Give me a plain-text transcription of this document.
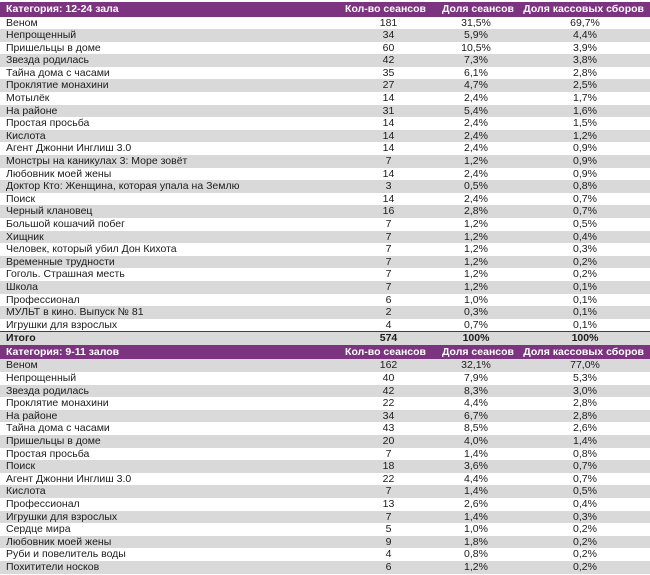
Категория: 12-24 зала	Кол-во сеансов	Доля сеансов	Доля кассовых сборов
Веном	181	31,5%	69,7%
Непрощенный	34	5,9%	4,4%
Пришельцы в доме	60	10,5%	3,9%
Звезда родилась	42	7,3%	3,8%
Тайна дома с часами	35	6,1%	2,8%
Проклятие монахини	27	4,7%	2,5%
Мотылёк	14	2,4%	1,7%
На районе	31	5,4%	1,6%
Простая просьба	14	2,4%	1,5%
Кислота	14	2,4%	1,2%
Агент Джонни Инглиш 3.0	14	2,4%	0,9%
Монстры на каникулах 3: Море зовёт	7	1,2%	0,9%
Любовник моей жены	14	2,4%	0,9%
Доктор Кто: Женщина, которая упала на Землю	3	0,5%	0,8%
Поиск	14	2,4%	0,7%
Черный клановец	16	2,8%	0,7%
Большой кошачий побег	7	1,2%	0,5%
Хищник	7	1,2%	0,4%
Человек, который убил Дон Кихота	7	1,2%	0,3%
Временные трудности	7	1,2%	0,2%
Гоголь. Страшная месть	7	1,2%	0,2%
Школа	7	1,2%	0,1%
Профессионал	6	1,0%	0,1%
МУЛЬТ в кино. Выпуск № 81	2	0,3%	0,1%
Игрушки для взрослых	4	0,7%	0,1%
Итого	574	100%	100%
Категория: 9-11 залов	Кол-во сеансов	Доля сеансов	Доля кассовых сборов
Веном	162	32,1%	77,0%
Непрощенный	40	7,9%	5,3%
Звезда родилась	42	8,3%	3,0%
Проклятие монахини	22	4,4%	2,8%
На районе	34	6,7%	2,8%
Тайна дома с часами	43	8,5%	2,6%
Пришельцы в доме	20	4,0%	1,4%
Простая просьба	7	1,4%	0,8%
Поиск	18	3,6%	0,7%
Агент Джонни Инглиш 3.0	22	4,4%	0,7%
Кислота	7	1,4%	0,5%
Профессионал	13	2,6%	0,4%
Игрушки для взрослых	7	1,4%	0,3%
Сердце мира	5	1,0%	0,2%
Любовник моей жены	9	1,8%	0,2%
Руби и повелитель воды	4	0,8%	0,2%
Похитители носков	6	1,2%	0,2%
